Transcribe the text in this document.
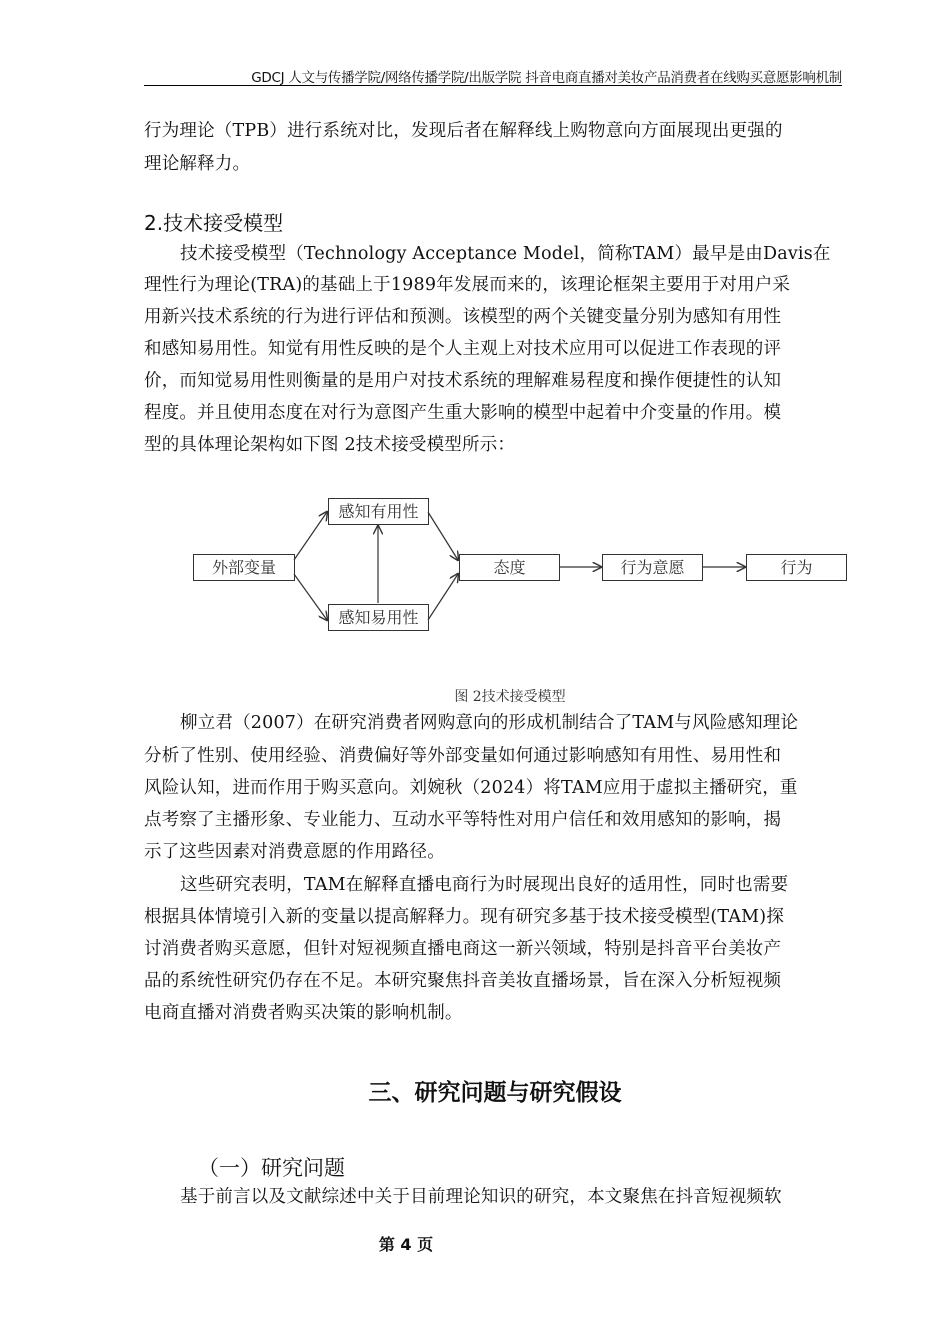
GDCJ 人文与传播学院/网络传播学院/出版学院 抖音电商直播对美妆产品消费者在线购买意愿影响机制
行为理论（TPB）进行系统对比，发现后者在解释线上购物意向方面展现出更强的
理论解释力。
2.技术接受模型
技术接受模型（Technology Acceptance Model，简称TAM）最早是由Davis在
理性行为理论(TRA)的基础上于1989年发展而来的，该理论框架主要用于对用户采
用新兴技术系统的行为进行评估和预测。该模型的两个关键变量分别为感知有用性
和感知易用性。知觉有用性反映的是个人主观上对技术应用可以促进工作表现的评
价，而知觉易用性则衡量的是用户对技术系统的理解难易程度和操作便捷性的认知
程度。并且使用态度在对行为意图产生重大影响的模型中起着中介变量的作用。模
型的具体理论架构如下图 2技术接受模型所示：
外部变量
感知有用性
感知易用性
态度	行为意愿	行为
图 2技术接受模型
柳立君（2007）在研究消费者网购意向的形成机制结合了TAM与风险感知理论
分析了性别、使用经验、消费偏好等外部变量如何通过影响感知有用性、易用性和
风险认知，进而作用于购买意向。刘婉秋（2024）将TAM应用于虚拟主播研究，重
点考察了主播形象、专业能力、互动水平等特性对用户信任和效用感知的影响，揭
示了这些因素对消费意愿的作用路径。
这些研究表明，TAM在解释直播电商行为时展现出良好的适用性，同时也需要
根据具体情境引入新的变量以提高解释力。现有研究多基于技术接受模型(TAM)探
讨消费者购买意愿，但针对短视频直播电商这一新兴领域，特别是抖音平台美妆产
品的系统性研究仍存在不足。本研究聚焦抖音美妆直播场景，旨在深入分析短视频
电商直播对消费者购买决策的影响机制。
三、研究问题与研究假设
（一）研究问题
基于前言以及文献综述中关于目前理论知识的研究，本文聚焦在抖音短视频软
第 4 页
